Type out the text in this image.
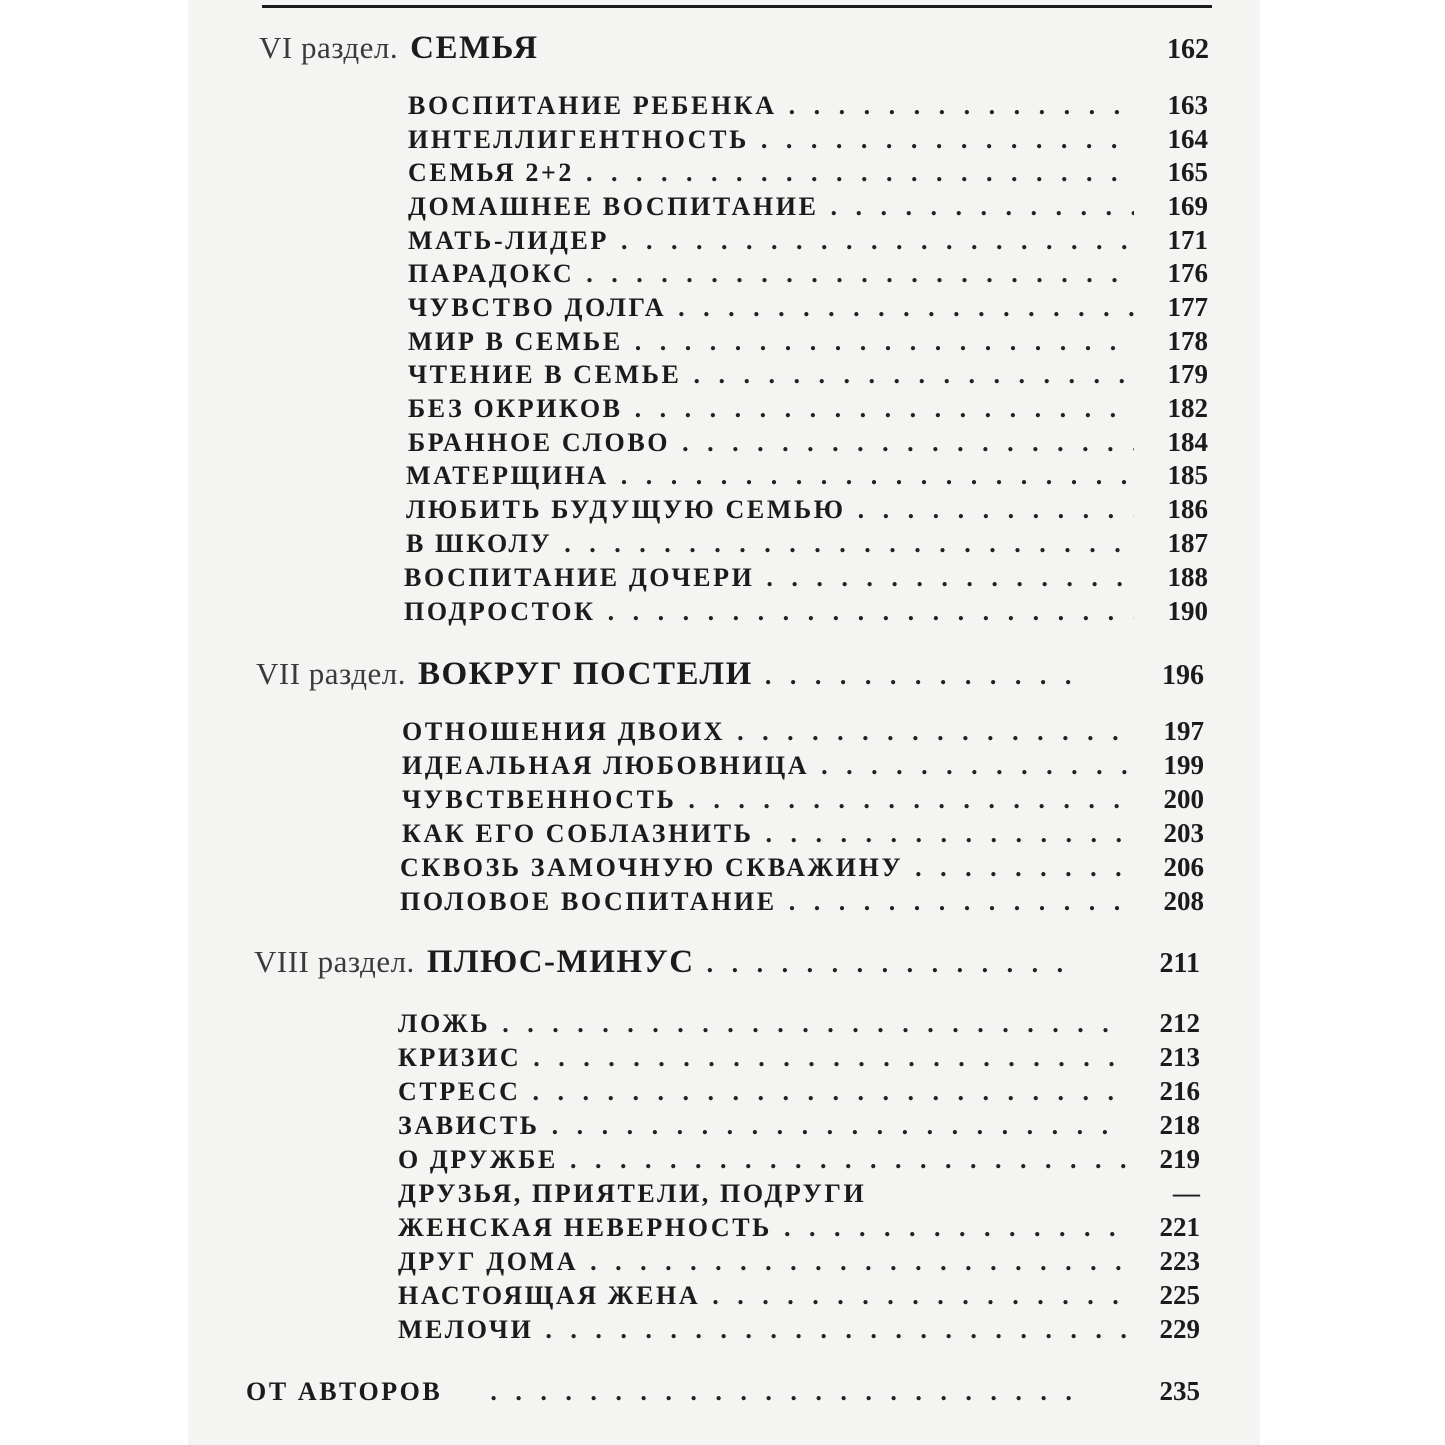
VI раздел. СЕМЬЯ	162
ВОСПИТАНИЕ РЕБЕНКА . . .	163
ИНТЕЛЛИГЕНТНОСТЬ . . .	164
СЕМЬЯ 2+2 . . .	165
ДОМАШНЕЕ ВОСПИТАНИЕ . . .	169
МАТЬ-ЛИДЕР . . .	171
ПАРАДОКС . . .	176
ЧУВСТВО ДОЛГА . . .	177
МИР В СЕМЬЕ . . .	178
ЧТЕНИЕ В СЕМЬЕ . . .	179
БЕЗ ОКРИКОВ . . .	182
БРАННОЕ СЛОВО . . .	184
МАТЕРЩИНА . . .	185
ЛЮБИТЬ БУДУЩУЮ СЕМЬЮ . . .	186
В ШКОЛУ . . .	187
ВОСПИТАНИЕ ДОЧЕРИ . . .	188
ПОДРОСТОК . . .	190
VII раздел. ВОКРУГ ПОСТЕЛИ . . .	196
ОТНОШЕНИЯ ДВОИХ . . .	197
ИДЕАЛЬНАЯ ЛЮБОВНИЦА . . .	199
ЧУВСТВЕННОСТЬ . . .	200
КАК ЕГО СОБЛАЗНИТЬ . . .	203
СКВОЗЬ ЗАМОЧНУЮ СКВАЖИНУ . . .	206
ПОЛОВОЕ ВОСПИТАНИЕ . . .	208
VIII раздел. ПЛЮС-МИНУС . . .	211
ЛОЖЬ . . .	212
КРИЗИС . . .	213
СТРЕСС . . .	216
ЗАВИСТЬ . . .	218
О ДРУЖБЕ . . .	219
ДРУЗЬЯ, ПРИЯТЕЛИ, ПОДРУГИ	—
ЖЕНСКАЯ НЕВЕРНОСТЬ . . .	221
ДРУГ ДОМА . . .	223
НАСТОЯЩАЯ ЖЕНА . . .	225
МЕЛОЧИ . . .	229
ОТ АВТОРОВ . . .	235
